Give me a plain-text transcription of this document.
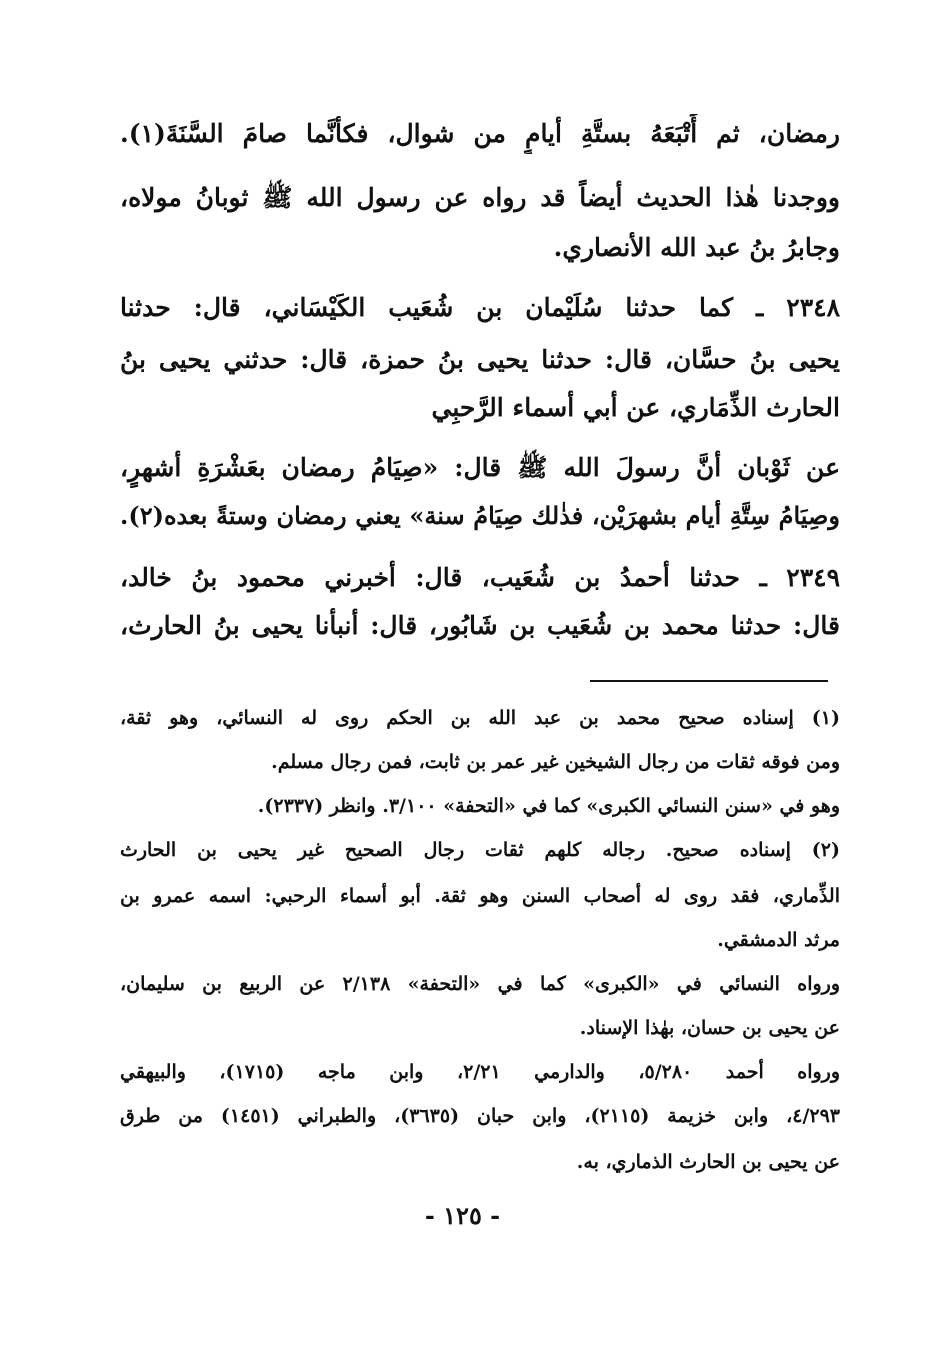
رمضان، ثم أَتْبَعَهُ بستَّةِ أيامٍ من شوال، فكأنَّما صامَ السَّنَةَ(١).
ووجدنا هٰذا الحديث أيضاً قد رواه عن رسول الله ﷺ ثوبانُ مولاه،
وجابرُ بنُ عبد الله الأنصاري.
٢٣٤٨ ـ كما حدثنا سُلَيْمان بن شُعَيب الكَيْسَاني، قال: حدثنا
يحيى بنُ حسَّان، قال: حدثنا يحيى بنُ حمزة، قال: حدثني يحيى بنُ
الحارث الذِّمَاري، عن أبي أسماء الرَّحبِي
عن ثَوْبان أنَّ رسولَ الله ﷺ قال: «صِيَامُ رمضان بعَشْرَةِ أشهرٍ،
وصِيَامُ سِتَّةِ أيام بشهرَيْن، فذٰلك صِيَامُ سنة» يعني رمضان وستةً بعده(٢).
٢٣٤٩ ـ حدثنا أحمدُ بن شُعَيب، قال: أخبرني محمود بنُ خالد،
قال: حدثنا محمد بن شُعَيب بن شَابُور، قال: أنبأنا يحيى بنُ الحارث،
(١) إسناده صحيح محمد بن عبد الله بن الحكم روى له النسائي، وهو ثقة،
ومن فوقه ثقات من رجال الشيخين غير عمر بن ثابت، فمن رجال مسلم.
وهو في «سنن النسائي الكبرى» كما في «التحفة» ٣/١٠٠. وانظر (٢٣٣٧).
(٢) إسناده صحيح. رجاله كلهم ثقات رجال الصحيح غير يحيى بن الحارث
الذِّماري، فقد روى له أصحاب السنن وهو ثقة. أبو أسماء الرحبي: اسمه عمرو بن
مرثد الدمشقي.
ورواه النسائي في «الكبرى» كما في «التحفة» ٢/١٣٨ عن الربيع بن سليمان،
عن يحيى بن حسان، بهٰذا الإسناد.
ورواه أحمد ٥/٢٨٠، والدارمي ٢/٢١، وابن ماجه (١٧١٥)، والبيهقي
٤/٢٩٣، وابن خزيمة (٢١١٥)، وابن حبان (٣٦٣٥)، والطبراني (١٤٥١) من طرق
عن يحيى بن الحارث الذماري، به.
- ١٢٥ -
